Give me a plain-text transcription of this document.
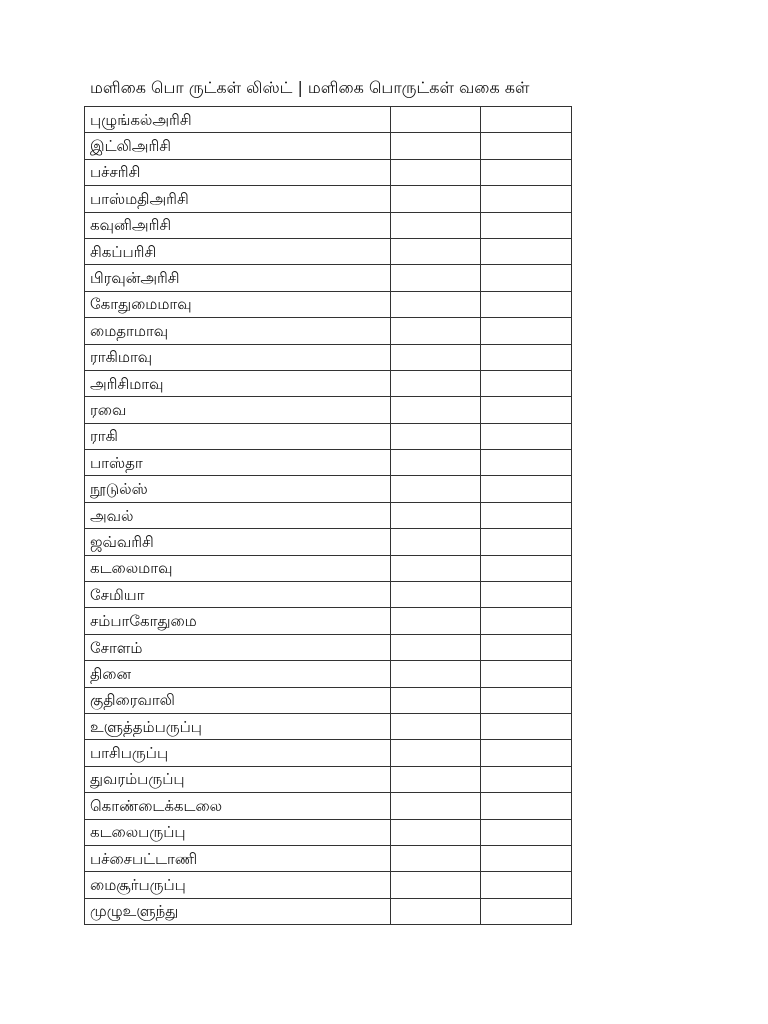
மளிகை பொ ருட்கள் லிஸ்ட் | மளிகை பொருட்கள் வகை கள்
புழுங்கல்அரிசி		
இட்லிஅரிசி		
பச்சரிசி		
பாஸ்மதிஅரிசி		
கவுனிஅரிசி		
சிகப்பரிசி		
பிரவுன்அரிசி		
கோதுமைமாவு		
மைதாமாவு		
ராகிமாவு		
அரிசிமாவு		
ரவை		
ராகி		
பாஸ்தா		
நூடுல்ஸ்		
அவல்		
ஜவ்வரிசி		
கடலைமாவு		
சேமியா		
சம்பாகோதுமை		
சோளம்		
தினை		
குதிரைவாலி		
உளுத்தம்பருப்பு		
பாசிபருப்பு		
துவரம்பருப்பு		
கொண்டைக்கடலை		
கடலைபருப்பு		
பச்சைபட்டாணி		
மைசூர்பருப்பு		
முழுஉளுந்து		
